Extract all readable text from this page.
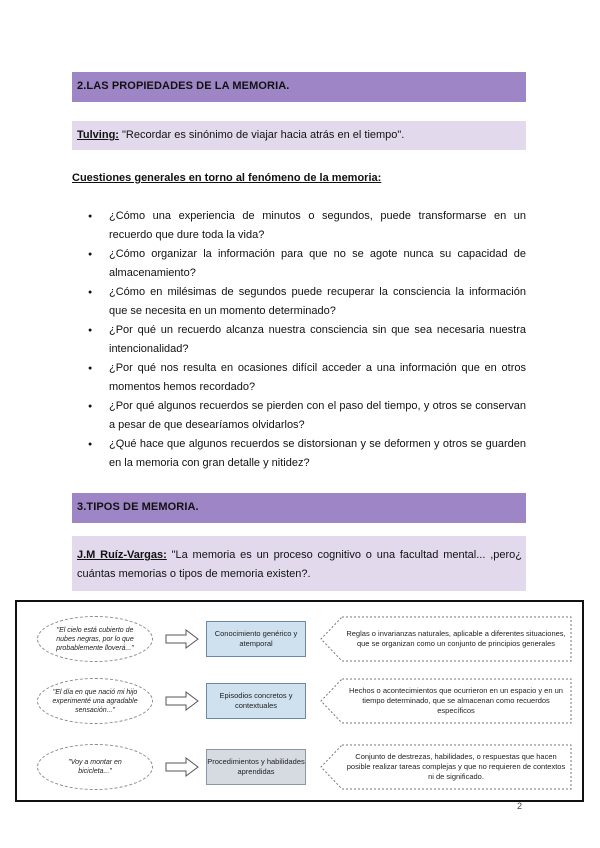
2.LAS PROPIEDADES DE LA MEMORIA.

Tulving: "Recordar es sinónimo de viajar hacia atrás en el tiempo".

Cuestiones generales en torno al fenómeno de la memoria:
● ¿Cómo una experiencia de minutos o segundos, puede transformarse en un recuerdo que dure toda la vida?
● ¿Cómo organizar la información para que no se agote nunca su capacidad de almacenamiento?
● ¿Cómo en milésimas de segundos puede recuperar la consciencia la información que se necesita en un momento determinado?
● ¿Por qué un recuerdo alcanza nuestra consciencia sin que sea necesaria nuestra intencionalidad?
● ¿Por qué nos resulta en ocasiones difícil acceder a una información que en otros momentos hemos recordado?
● ¿Por qué algunos recuerdos se pierden con el paso del tiempo, y otros se conservan a pesar de que desearíamos olvidarlos?
● ¿Qué hace que algunos recuerdos se distorsionan y se deformen y otros se guarden en la memoria con gran detalle y nitidez?
3.TIPOS DE MEMORIA.

J.M Ruíz-Vargas: "La memoria es un proceso cognitivo o una facultad mental... ,pero¿ cuántas memorias o tipos de memoria existen?.

"El cielo está cubierto de nubes negras, por lo que probablemente lloverá..."
Conocimiento genérico y atemporal
Reglas o invarianzas naturales, aplicable a diferentes situaciones, que se organizan como un conjunto de principios generales
"El día en que nació mi hijo experimenté una agradable sensación..."
Episodios concretos y contextuales
Hechos o acontecimientos que ocurrieron en un espacio y en un tiempo determinado, que se almacenan como recuerdos específicos
"Voy a montar en bicicleta..."
Procedimientos y habilidades aprendidas
Conjunto de destrezas, habilidades, o respuestas que hacen posible realizar tareas complejas y que no requieren de contextos ni de significado.
2
